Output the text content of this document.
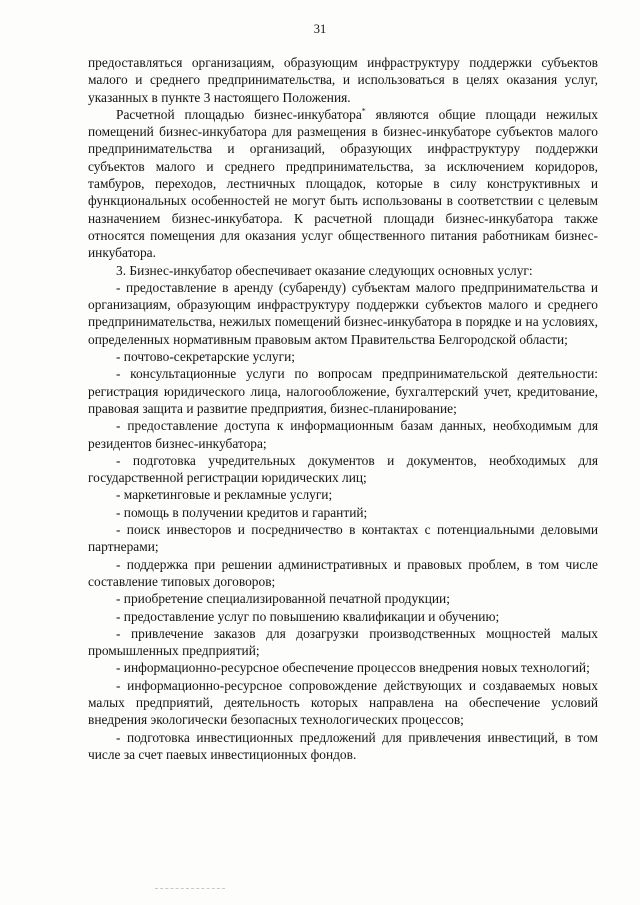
31

предоставляться организациям, образующим инфраструктуру поддержки субъектов малого и среднего предпринимательства, и использоваться в целях оказания услуг, указанных в пункте 3 настоящего Положения.

Расчетной площадью бизнес-инкубатора* являются общие площади нежилых помещений бизнес-инкубатора для размещения в бизнес-инкубаторе субъектов малого предпринимательства и организаций, образующих инфраструктуру поддержки субъектов малого и среднего предпринимательства, за исключением коридоров, тамбуров, переходов, лестничных площадок, которые в силу конструктивных и функциональных особенностей не могут быть использованы в соответствии с целевым назначением бизнес-инкубатора. К расчетной площади бизнес-инкубатора также относятся помещения для оказания услуг общественного питания работникам бизнес-инкубатора.

3. Бизнес-инкубатор обеспечивает оказание следующих основных услуг:

- предоставление в аренду (субаренду) субъектам малого предпринимательства и организациям, образующим инфраструктуру поддержки субъектов малого и среднего предпринимательства, нежилых помещений бизнес-инкубатора в порядке и на условиях, определенных нормативным правовым актом Правительства Белгородской области;

- почтово-секретарские услуги;

- консультационные услуги по вопросам предпринимательской деятельности: регистрация юридического лица, налогообложение, бухгалтерский учет, кредитование, правовая защита и развитие предприятия, бизнес-планирование;

- предоставление доступа к информационным базам данных, необходимым для резидентов бизнес-инкубатора;

- подготовка учредительных документов и документов, необходимых для государственной регистрации юридических лиц;

- маркетинговые и рекламные услуги;

- помощь в получении кредитов и гарантий;

- поиск инвесторов и посредничество в контактах с потенциальными деловыми партнерами;

- поддержка при решении административных и правовых проблем, в том числе составление типовых договоров;

- приобретение специализированной печатной продукции;

- предоставление услуг по повышению квалификации и обучению;

- привлечение заказов для дозагрузки производственных мощностей малых промышленных предприятий;

- информационно-ресурсное обеспечение процессов внедрения новых технологий;

- информационно-ресурсное сопровождение действующих и создаваемых новых малых предприятий, деятельность которых направлена на обеспечение условий внедрения экологически безопасных технологических процессов;

- подготовка инвестиционных предложений для привлечения инвестиций, в том числе за счет паевых инвестиционных фондов.
